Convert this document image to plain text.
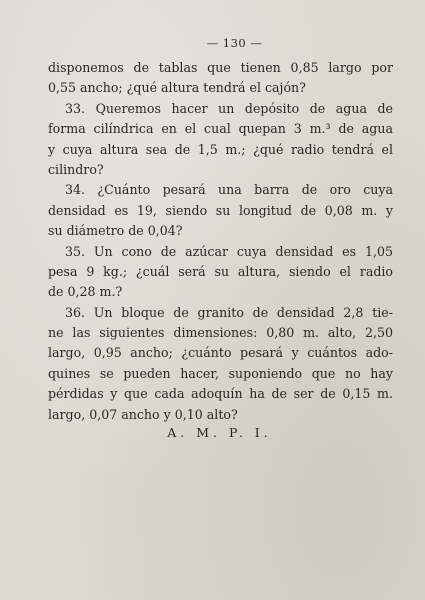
— 130 —
disponemos de tablas que tienen 0,85 largo por
0,55 ancho; ¿qué altura tendrá el cajón?
33. Queremos hacer un depósito de agua de
forma cilíndrica en el cual quepan 3 m.³ de agua
y cuya altura sea de 1,5 m.; ¿qué radio tendrá el
cilindro?
34. ¿Cuánto pesará una barra de oro cuya
densidad es 19, siendo su longitud de 0,08 m. y
su diámetro de 0,04?
35. Un cono de azúcar cuya densidad es 1,05
pesa 9 kg.; ¿cuál será su altura, siendo el radio
de 0,28 m.?
36. Un bloque de granito de densidad 2,8 tie-
ne las siguientes dimensiones: 0,80 m. alto, 2,50
largo, 0,95 ancho; ¿cuánto pesará y cuántos ado-
quines se pueden hacer, suponiendo que no hay
pérdidas y que cada adoquín ha de ser de 0,15 m.
largo, 0,07 ancho y 0,10 alto?
A. M. P. I.
